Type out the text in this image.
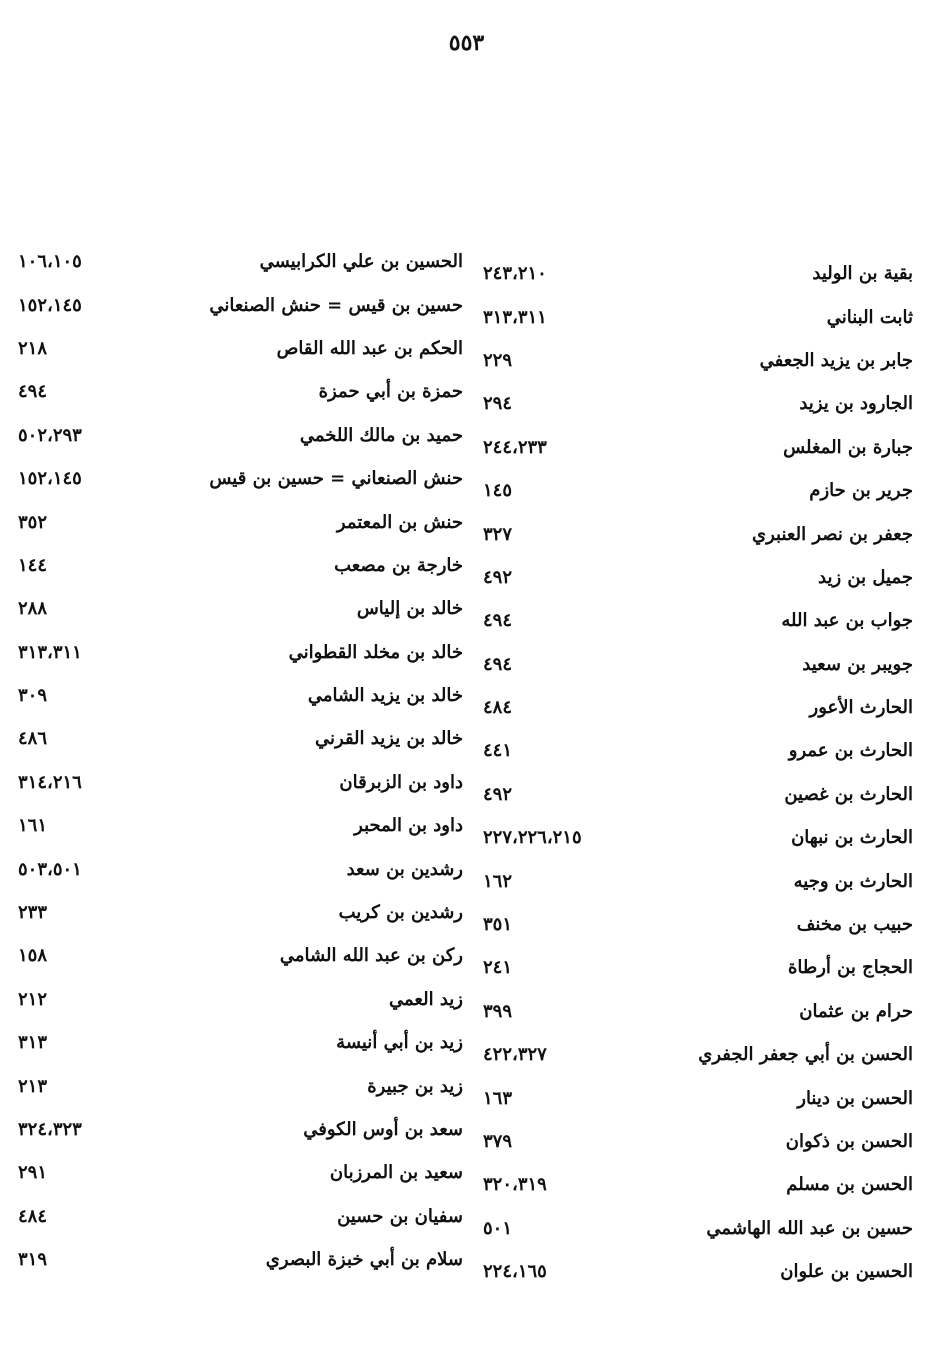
٥٥٣
بقية بن الوليد
٢٤٣،٢١٠
ثابت البناني
٣١٣،٣١١
جابر بن يزيد الجعفي
٢٢٩
الجارود بن يزيد
٢٩٤
جبارة بن المغلس
٢٤٤،٢٣٣
جرير بن حازم
١٤٥
جعفر بن نصر العنبري
٣٢٧
جميل بن زيد
٤٩٢
جواب بن عبد الله
٤٩٤
جويبر بن سعيد
٤٩٤
الحارث الأعور
٤٨٤
الحارث بن عمرو
٤٤١
الحارث بن غصين
٤٩٢
الحارث بن نبهان
٢٢٧،٢٢٦،٢١٥
الحارث بن وجيه
١٦٢
حبيب بن مخنف
٣٥١
الحجاج بن أرطاة
٢٤١
حرام بن عثمان
٣٩٩
الحسن بن أبي جعفر الجفري
٤٢٢،٣٢٧
الحسن بن دينار
١٦٣
الحسن بن ذكوان
٣٧٩
الحسن بن مسلم
٣٢٠،٣١٩
حسين بن عبد الله الهاشمي
٥٠١
الحسين بن علوان
٢٢٤،١٦٥
الحسين بن علي الكرابيسي
١٠٦،١٠٥
حسين بن قيس = حنش الصنعاني
١٥٢،١٤٥
الحكم بن عبد الله القاص
٢١٨
حمزة بن أبي حمزة
٤٩٤
حميد بن مالك اللخمي
٥٠٢،٢٩٣
حنش الصنعاني = حسين بن قيس
١٥٢،١٤٥
حنش بن المعتمر
٣٥٢
خارجة بن مصعب
١٤٤
خالد بن إلياس
٢٨٨
خالد بن مخلد القطواني
٣١٣،٣١١
خالد بن يزيد الشامي
٣٠٩
خالد بن يزيد القرني
٤٨٦
داود بن الزبرقان
٣١٤،٢١٦
داود بن المحبر
١٦١
رشدين بن سعد
٥٠٣،٥٠١
رشدين بن كريب
٢٣٣
ركن بن عبد الله الشامي
١٥٨
زيد العمي
٢١٢
زيد بن أبي أنيسة
٣١٣
زيد بن جبيرة
٢١٣
سعد بن أوس الكوفي
٣٢٤،٣٢٣
سعيد بن المرزبان
٢٩١
سفيان بن حسين
٤٨٤
سلام بن أبي خبزة البصري
٣١٩
